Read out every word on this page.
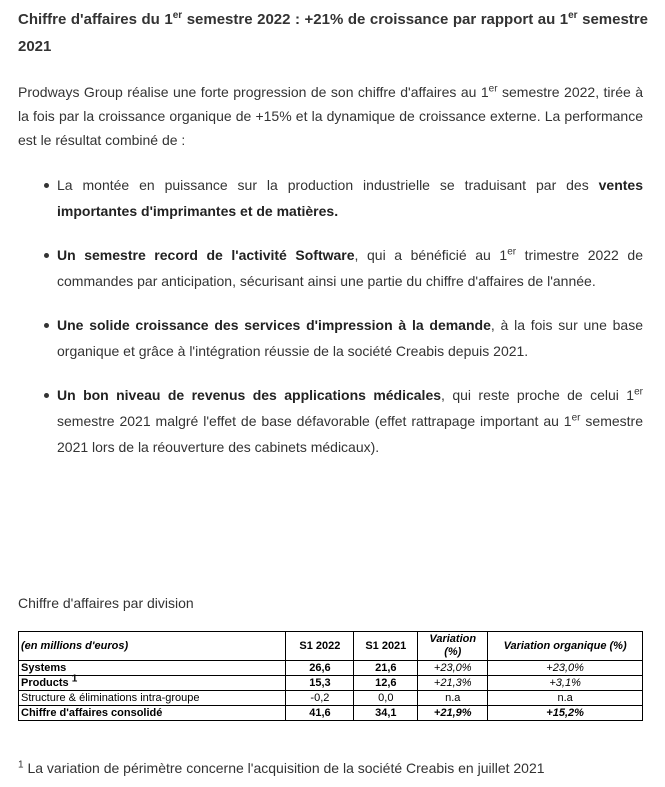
Chiffre d'affaires du 1er semestre 2022 : +21% de croissance par rapport au 1er semestre 2021

Prodways Group réalise une forte progression de son chiffre d'affaires au 1er semestre 2022, tirée à la fois par la croissance organique de +15% et la dynamique de croissance externe. La performance est le résultat combiné de :

La montée en puissance sur la production industrielle se traduisant par des ventes importantes d'imprimantes et de matières.
Un semestre record de l'activité Software, qui a bénéficié au 1er trimestre 2022 de commandes par anticipation, sécurisant ainsi une partie du chiffre d'affaires de l'année.
Une solide croissance des services d'impression à la demande, à la fois sur une base organique et grâce à l'intégration réussie de la société Creabis depuis 2021.
Un bon niveau de revenus des applications médicales, qui reste proche de celui 1er semestre 2021 malgré l'effet de base défavorable (effet rattrapage important au 1er semestre 2021 lors de la réouverture des cabinets médicaux).

Chiffre d'affaires par division

(en millions d'euros)	S1 2022	S1 2021	Variation (%)	Variation organique (%)
Systems	26,6	21,6	+23,0%	+23,0%
Products $^1$	15,3	12,6	+21,3%	+3,1%
Structure & éliminations intra-groupe	-0,2	0,0	n.a	n.a
Chiffre d'affaires consolidé	41,6	34,1	+21,9%	+15,2%

$^1$ La variation de périmètre concerne l'acquisition de la société Creabis en juillet 2021
